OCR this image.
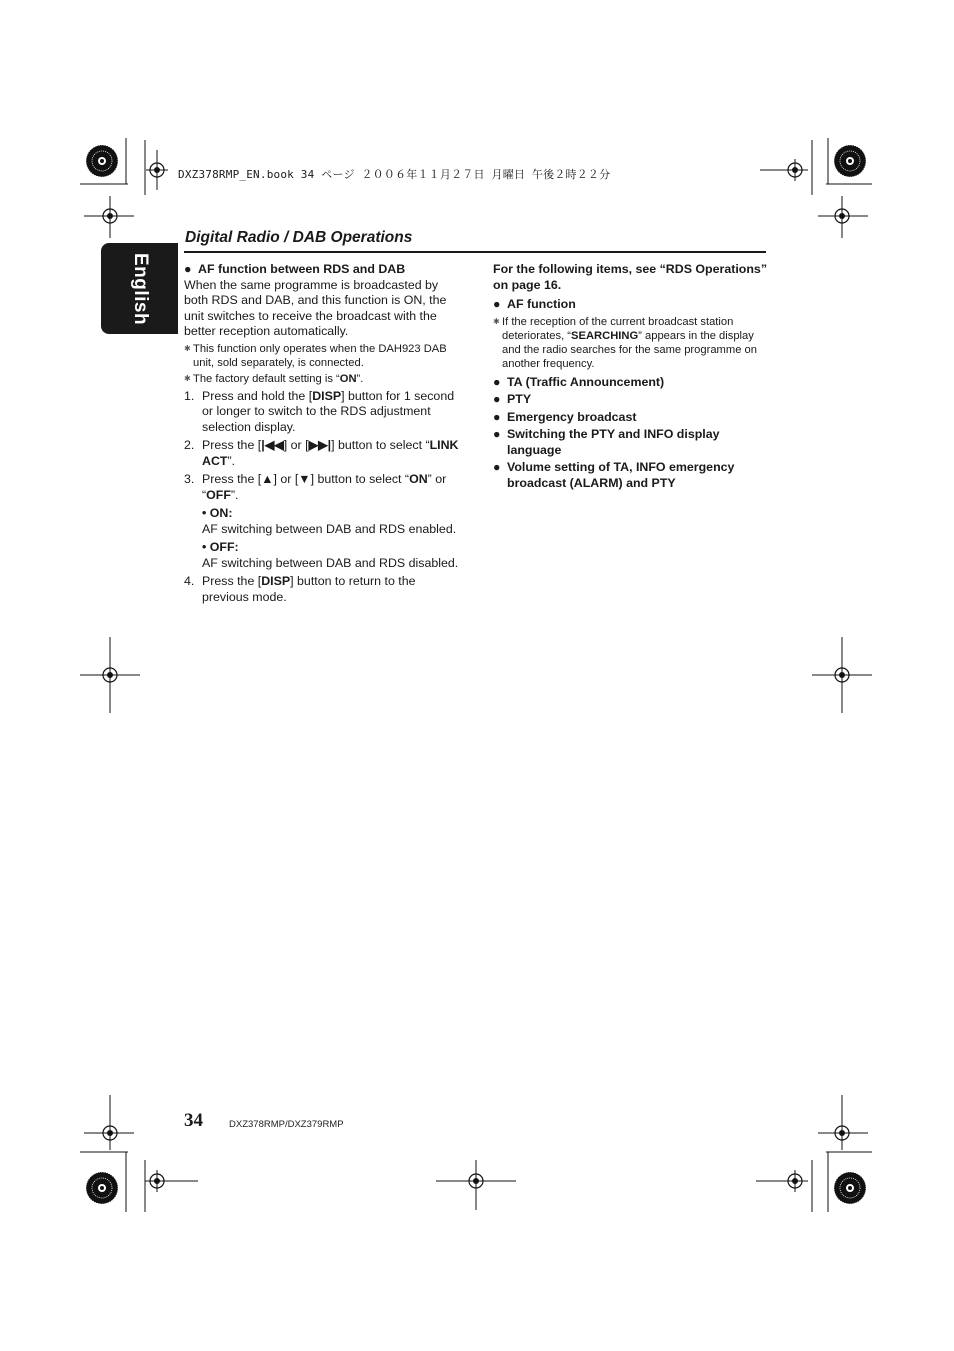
DXZ378RMP_EN.book 34 ページ ２００６年１１月２７日 月曜日 午後２時２２分
English
Digital Radio / DAB Operations

● AF function between RDS and DAB

When the same programme is broadcasted by both RDS and DAB, and this function is ON, the unit switches to receive the broadcast with the better reception automatically.

✱ This function only operates when the DAH923 DAB unit, sold separately, is connected.
✱ The factory default setting is “ON”.
1. Press and hold the [DISP] button for 1 second or longer to switch to the RDS adjustment selection display.
2. Press the [|◀◀] or [▶▶|] button to select “LINK ACT”.
3. Press the [▲] or [▼] button to select “ON” or “OFF”.
• ON:
AF switching between DAB and RDS enabled.
• OFF:
AF switching between DAB and RDS disabled.
4. Press the [DISP] button to return to the previous mode.

For the following items, see “RDS Operations” on page 16.

● AF function

✱ If the reception of the current broadcast station deteriorates, “SEARCHING” appears in the display and the radio searches for the same programme on another frequency.

● TA (Traffic Announcement)

● PTY

● Emergency broadcast

● Switching the PTY and INFO display language

● Volume setting of TA, INFO emergency broadcast (ALARM) and PTY

34	DXZ378RMP/DXZ379RMP
